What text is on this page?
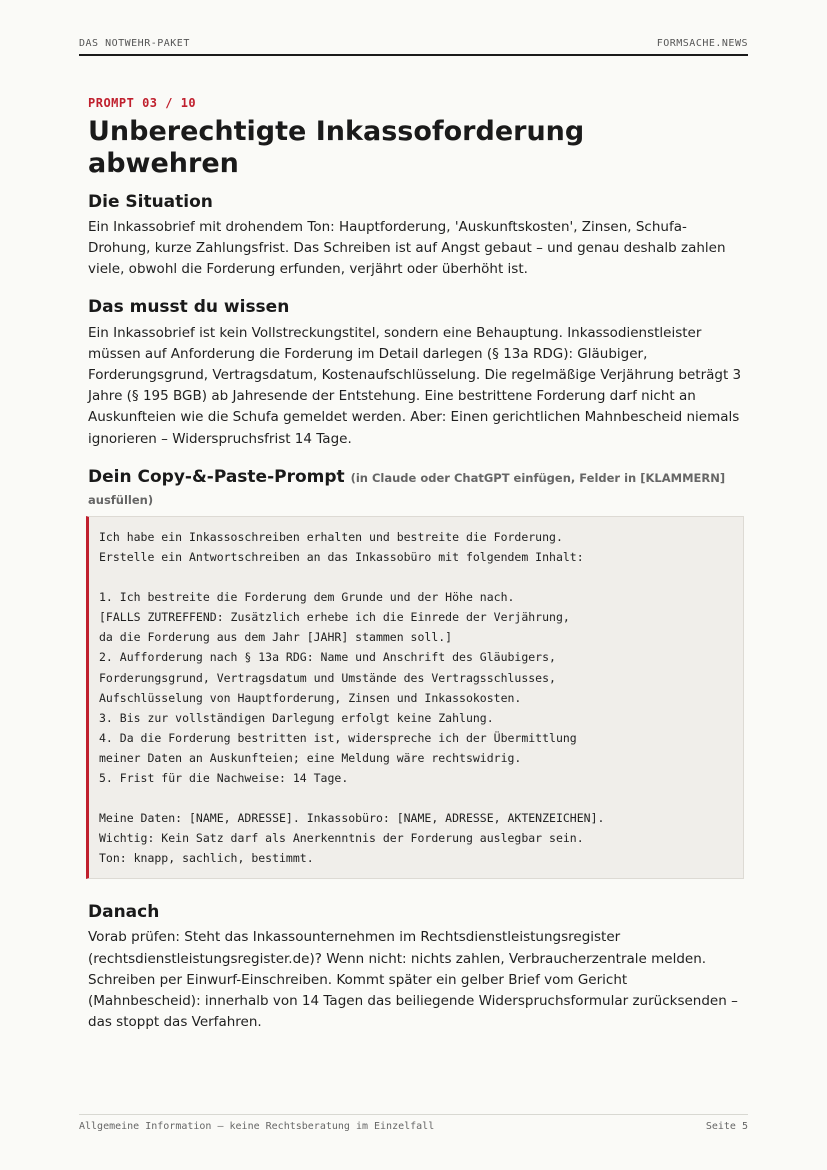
DAS NOTWEHR-PAKET	FORMSACHE.NEWS
PROMPT 03 / 10
Unberechtigte Inkassoforderung abwehren
Die Situation

Ein Inkassobrief mit drohendem Ton: Hauptforderung, 'Auskunftskosten', Zinsen, Schufa-Drohung, kurze Zahlungsfrist. Das Schreiben ist auf Angst gebaut – und genau deshalb zahlen viele, obwohl die Forderung erfunden, verjährt oder überhöht ist.

Das musst du wissen

Ein Inkassobrief ist kein Vollstreckungstitel, sondern eine Behauptung. Inkassodienstleister müssen auf Anforderung die Forderung im Detail darlegen (§ 13a RDG): Gläubiger, Forderungsgrund, Vertragsdatum, Kostenaufschlüsselung. Die regelmäßige Verjährung beträgt 3 Jahre (§ 195 BGB) ab Jahresende der Entstehung. Eine bestrittene Forderung darf nicht an Auskunfteien wie die Schufa gemeldet werden. Aber: Einen gerichtlichen Mahnbescheid niemals ignorieren – Widerspruchsfrist 14 Tage.

Dein Copy-&-Paste-Prompt (in Claude oder ChatGPT einfügen, Felder in [KLAMMERN] ausfüllen)
Ich habe ein Inkassoschreiben erhalten und bestreite die Forderung.
Erstelle ein Antwortschreiben an das Inkassobüro mit folgendem Inhalt:
1. Ich bestreite die Forderung dem Grunde und der Höhe nach.
[FALLS ZUTREFFEND: Zusätzlich erhebe ich die Einrede der Verjährung,
da die Forderung aus dem Jahr [JAHR] stammen soll.]
2. Aufforderung nach § 13a RDG: Name und Anschrift des Gläubigers,
Forderungsgrund, Vertragsdatum und Umstände des Vertragsschlusses,
Aufschlüsselung von Hauptforderung, Zinsen und Inkassokosten.
3. Bis zur vollständigen Darlegung erfolgt keine Zahlung.
4. Da die Forderung bestritten ist, widerspreche ich der Übermittlung
meiner Daten an Auskunfteien; eine Meldung wäre rechtswidrig.
5. Frist für die Nachweise: 14 Tage.
Meine Daten: [NAME, ADRESSE]. Inkassobüro: [NAME, ADRESSE, AKTENZEICHEN].
Wichtig: Kein Satz darf als Anerkenntnis der Forderung auslegbar sein.
Ton: knapp, sachlich, bestimmt.
Danach

Vorab prüfen: Steht das Inkassounternehmen im Rechtsdienstleistungsregister (rechtsdienstleistungsregister.de)? Wenn nicht: nichts zahlen, Verbraucherzentrale melden. Schreiben per Einwurf-Einschreiben. Kommt später ein gelber Brief vom Gericht (Mahnbescheid): innerhalb von 14 Tagen das beiliegende Widerspruchsformular zurücksenden – das stoppt das Verfahren.

Allgemeine Information – keine Rechtsberatung im Einzelfall	Seite 5
